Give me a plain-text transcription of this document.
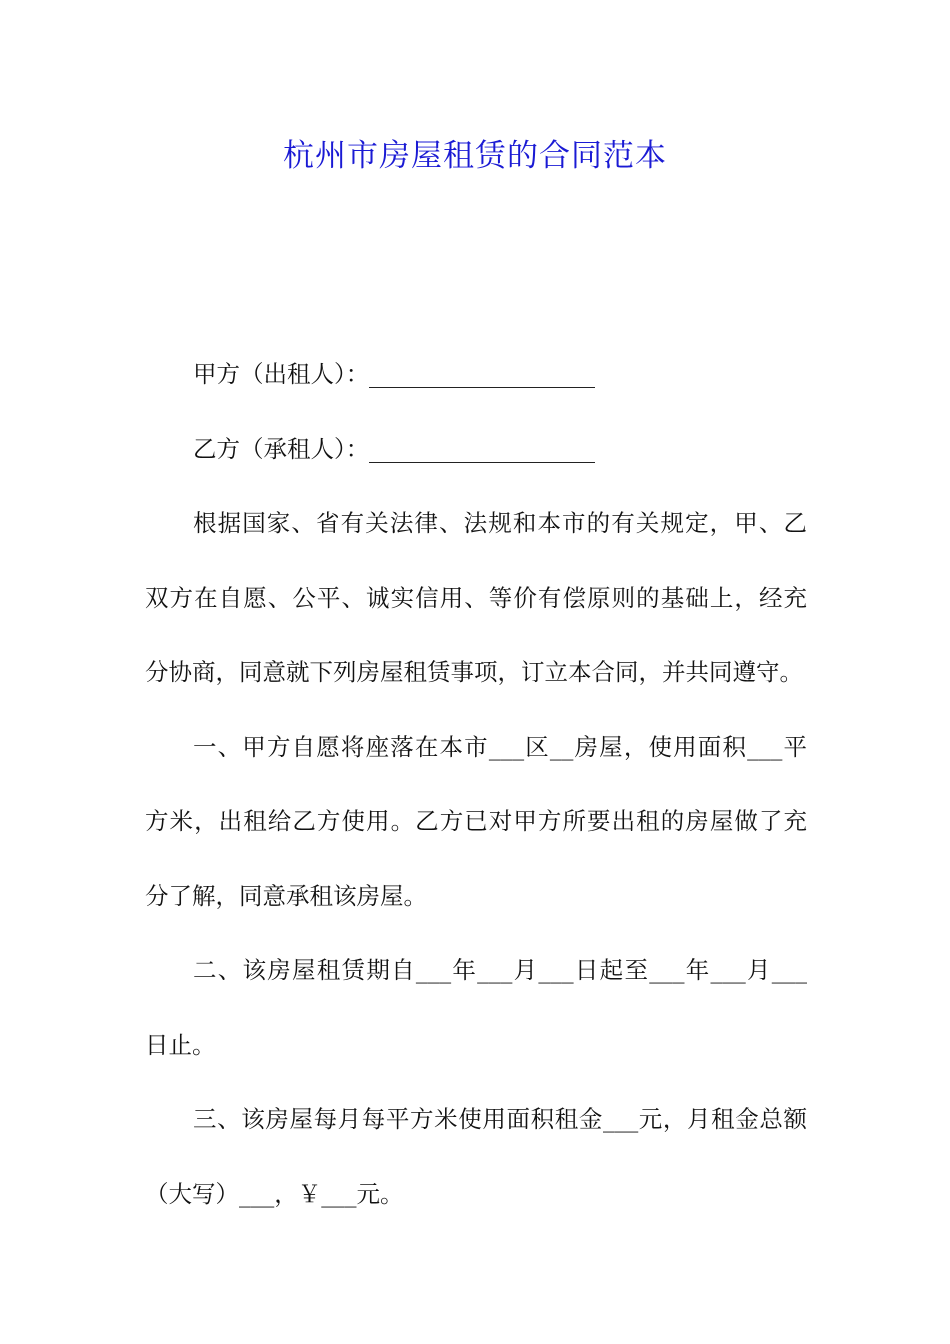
杭州市房屋租赁的合同范本
甲方（出租人）：
乙方（承租人）：
根据国家、省有关法律、法规和本市的有关规定，甲、乙
双方在自愿、公平、诚实信用、等价有偿原则的基础上，经充
分协商，同意就下列房屋租赁事项，订立本合同，并共同遵守。
一、甲方自愿将座落在本市___区__房屋，使用面积___平
方米，出租给乙方使用。乙方已对甲方所要出租的房屋做了充
分了解，同意承租该房屋。
二、该房屋租赁期自___年___月___日起至___年___月___
日止。
三、该房屋每月每平方米使用面积租金___元，月租金总额
（大写）___，￥___元。
